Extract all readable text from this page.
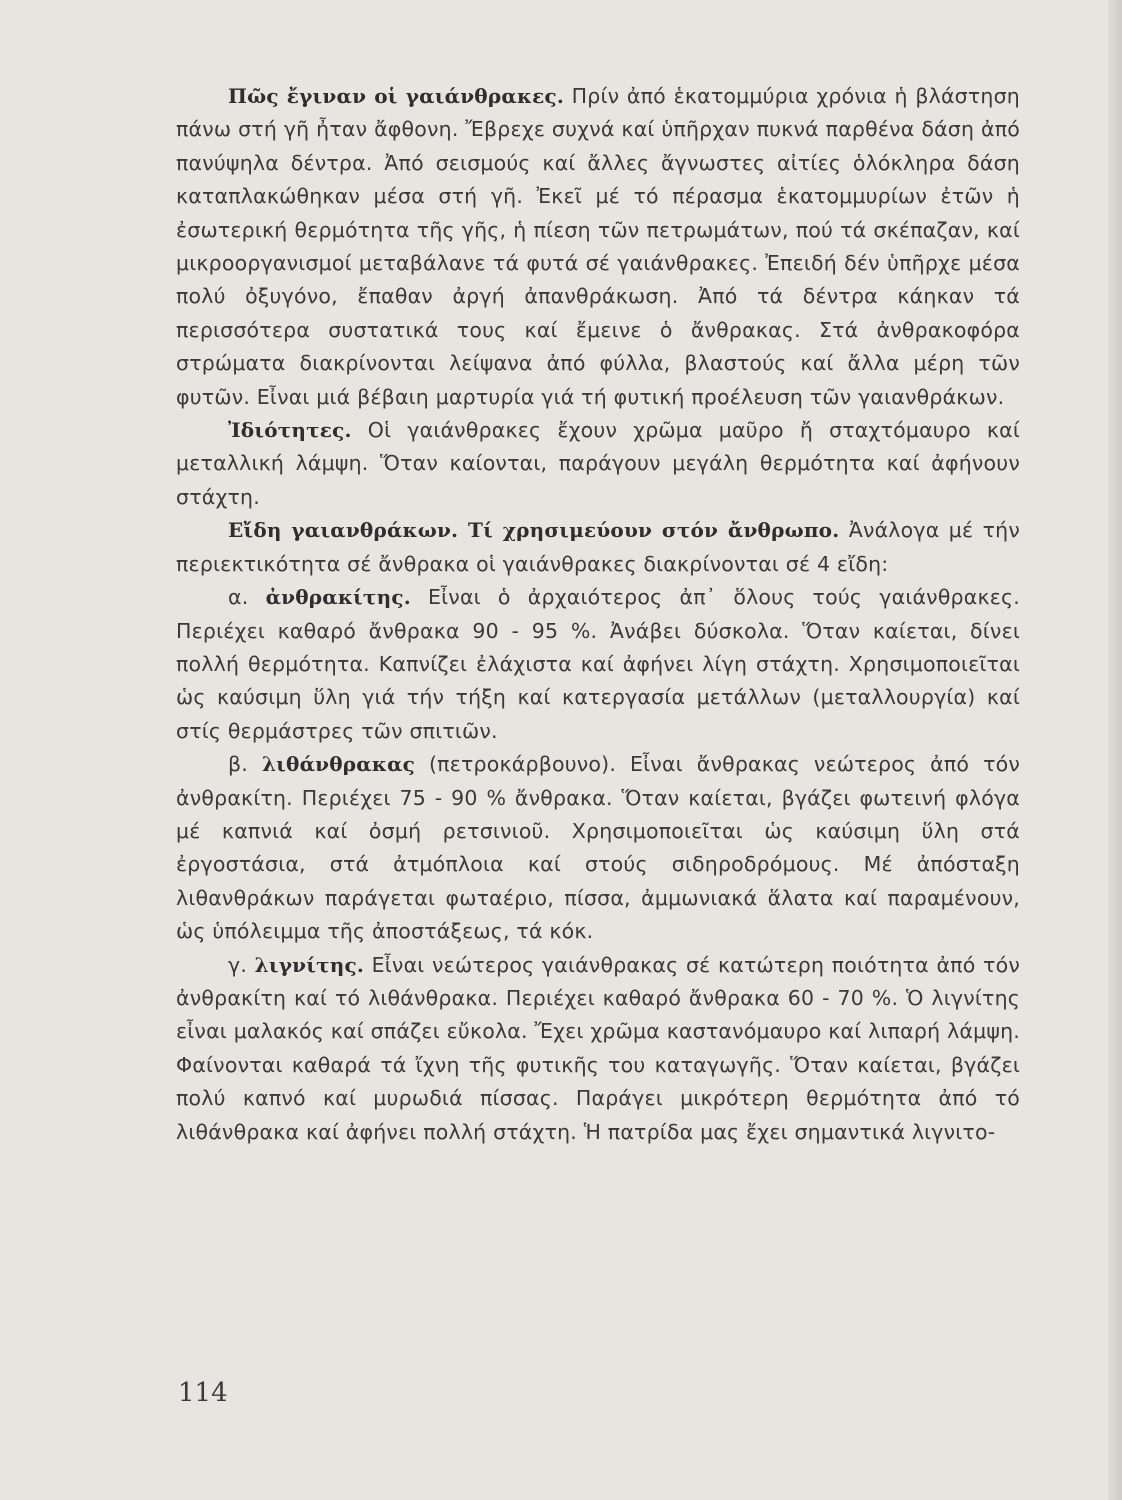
Πῶς ἔγιναν οἱ γαιάνθρακες. Πρίν ἀπό ἑκατομμύρια χρόνια ἡ βλάστηση πάνω στή γῆ ἦταν ἄφθονη. Ἔβρεχε συχνά καί ὑπῆρχαν πυκνά παρθένα δάση ἀπό πανύψηλα δέντρα. Ἀπό σεισμούς καί ἄλλες ἄγνωστες αἰτίες ὁλόκληρα δάση καταπλακώθηκαν μέσα στή γῆ. Ἐκεῖ μέ τό πέρασμα ἑκατομμυρίων ἐτῶν ἡ ἐσωτερική θερμότητα τῆς γῆς, ἡ πίεση τῶν πετρωμάτων, πού τά σκέπαζαν, καί μικροοργανισμοί μεταβάλανε τά φυτά σέ γαιάνθρακες. Ἐπειδή δέν ὑπῆρχε μέσα πολύ ὀξυγόνο, ἔπαθαν ἀργή ἀπανθράκωση. Ἀπό τά δέντρα κάηκαν τά περισσότερα συστατικά τους καί ἔμεινε ὁ ἄνθρακας. Στά ἀνθρακοφόρα στρώματα διακρίνονται λείψανα ἀπό φύλλα, βλαστούς καί ἄλλα μέρη τῶν φυτῶν. Εἶναι μιά βέβαιη μαρτυρία γιά τή φυτική προέλευση τῶν γαιανθράκων.

Ἰδιότητες. Οἱ γαιάνθρακες ἔχουν χρῶμα μαῦρο ἤ σταχτόμαυρο καί μεταλλική λάμψη. Ὅταν καίονται, παράγουν μεγάλη θερμότητα καί ἀφήνουν στάχτη.

Εἴδη γαιανθράκων. Τί χρησιμεύουν στόν ἄνθρωπο. Ἀνάλογα μέ τήν περιεκτικότητα σέ ἄνθρακα οἱ γαιάνθρακες διακρίνονται σέ 4 εἴδη:

α. ἀνθρακίτης. Εἶναι ὁ ἀρχαιότερος ἀπ᾿ ὅλους τούς γαιάνθρακες. Περιέχει καθαρό ἄνθρακα 90 - 95 %. Ἀνάβει δύσκολα. Ὅταν καίεται, δίνει πολλή θερμότητα. Καπνίζει ἐλάχιστα καί ἀφήνει λίγη στάχτη. Χρησιμοποιεῖται ὡς καύσιμη ὕλη γιά τήν τήξη καί κατεργασία μετάλλων (μεταλλουργία) καί στίς θερμάστρες τῶν σπιτιῶν.

β. λιθάνθρακας (πετροκάρβουνο). Εἶναι ἄνθρακας νεώτερος ἀπό τόν ἀνθρακίτη. Περιέχει 75 - 90 % ἄνθρακα. Ὅταν καίεται, βγάζει φωτεινή φλόγα μέ καπνιά καί ὀσμή ρετσινιοῦ. Χρησιμοποιεῖται ὡς καύσιμη ὕλη στά ἐργοστάσια, στά ἀτμόπλοια καί στούς σιδηροδρόμους. Μέ ἀπόσταξη λιθανθράκων παράγεται φωταέριο, πίσσα, ἀμμωνιακά ἅλατα καί παραμένουν, ὡς ὑπόλειμμα τῆς ἀποστάξεως, τά κόκ.

γ. λιγνίτης. Εἶναι νεώτερος γαιάνθρακας σέ κατώτερη ποιότητα ἀπό τόν ἀνθρακίτη καί τό λιθάνθρακα. Περιέχει καθαρό ἄνθρακα 60 - 70 %. Ὁ λιγνίτης εἶναι μαλακός καί σπάζει εὔκολα. Ἔχει χρῶμα καστανόμαυρο καί λιπαρή λάμψη. Φαίνονται καθαρά τά ἴχνη τῆς φυτικῆς του καταγωγῆς. Ὅταν καίεται, βγάζει πολύ καπνό καί μυρωδιά πίσσας. Παράγει μικρότερη θερμότητα ἀπό τό λιθάνθρακα καί ἀφήνει πολλή στάχτη. Ἡ πατρίδα μας ἔχει σημαντικά λιγνιτο-

114
